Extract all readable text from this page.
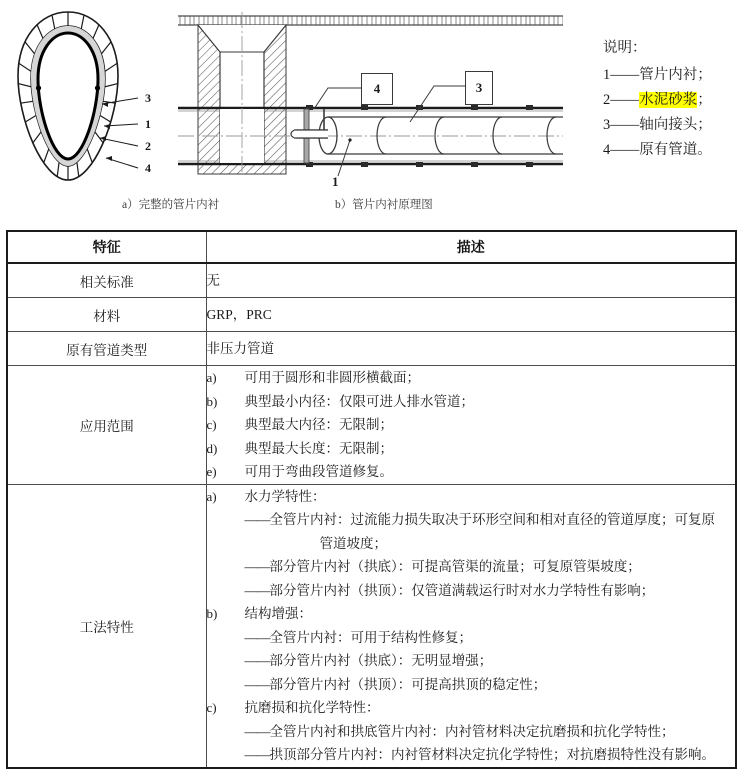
3
1
2
4
4	3
1
a）完整的管片内衬	b）管片内衬原理图
说明：
1——管片内衬；
2——水泥砂浆；
3——轴向接头；
4——原有管道。
特征	描述
相关标准	无
材料	GRP，PRC
原有管道类型	非压力管道
应用范围	
a)	可用于圆形和非圆形横截面；
b)	典型最小内径：仅限可进人排水管道；
c)	典型最大内径：无限制；
d)	典型最大长度：无限制；
e)	可用于弯曲段管道修复。

工法特性	
a)	水力学特性：
——全管片内衬：过流能力损失取决于环形空间和相对直径的管道厚度；可复原
管道坡度；
——部分管片内衬（拱底）：可提高管渠的流量；可复原管渠坡度；
——部分管片内衬（拱顶）：仅管道满载运行时对水力学特性有影响；
b)	结构增强：
——全管片内衬：可用于结构性修复；
——部分管片内衬（拱底）：无明显增强；
——部分管片内衬（拱顶）：可提高拱顶的稳定性；
c)	抗磨损和抗化学特性：
——全管片内衬和拱底管片内衬：内衬管材料决定抗磨损和抗化学特性；
——拱顶部分管片内衬：内衬管材料决定抗化学特性；对抗磨损特性没有影响。
